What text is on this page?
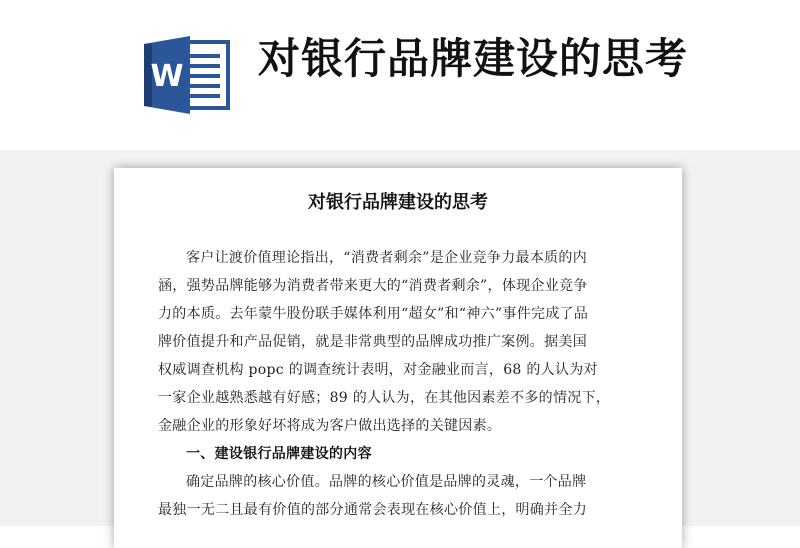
W 对银行品牌建设的思考
对银行品牌建设的思考
客户让渡价值理论指出，“消费者剩余”是企业竞争力最本质的内
涵，强势品牌能够为消费者带来更大的“消费者剩余”，体现企业竞争
力的本质。去年蒙牛股份联手媒体利用“超女”和“神六”事件完成了品
牌价值提升和产品促销，就是非常典型的品牌成功推广案例。据美国
权威调查机构 popc 的调查统计表明，对金融业而言，68 的人认为对
一家企业越熟悉越有好感；89 的人认为，在其他因素差不多的情况下，
金融企业的形象好坏将成为客户做出选择的关键因素。
一、建设银行品牌建设的内容
确定品牌的核心价值。品牌的核心价值是品牌的灵魂，一个品牌
最独一无二且最有价值的部分通常会表现在核心价值上，明确并全力
